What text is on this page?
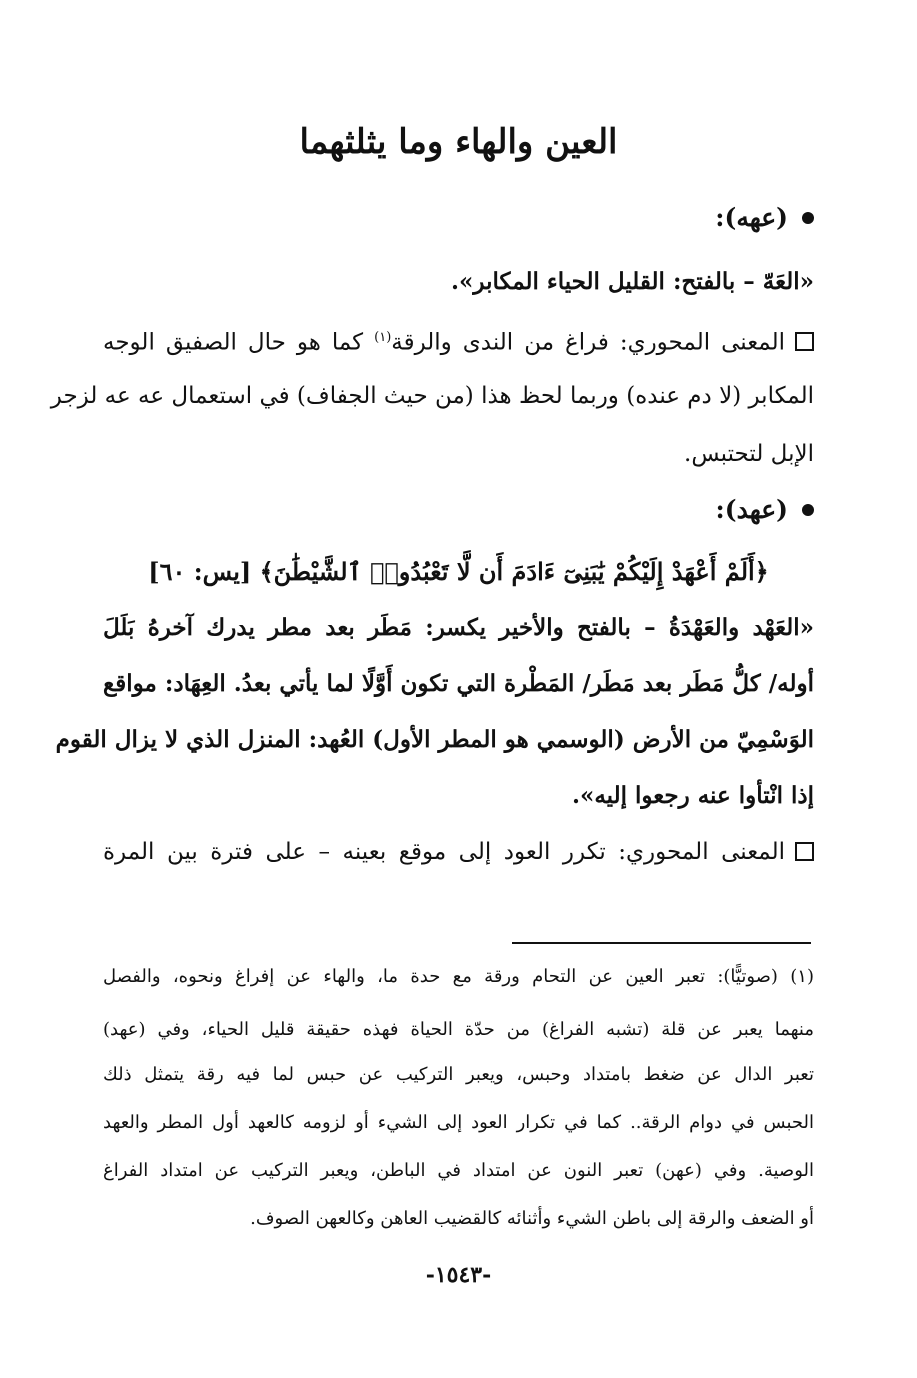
العين والهاء وما يثلثهما
(عهه):
«العَهّ – بالفتح: القليل الحياء المكابر».
المعنى المحوري: فراغ من الندى والرقة$^{(١)}$ كما هو حال الصفيق الوجه
المكابر (لا دم عنده) وربما لحظ هذا (من حيث الجفاف) في استعمال عه عه لزجر
الإبل لتحتبس.
(عهد):
﴿أَلَمْ أَعْهَدْ إِلَيْكُمْ يَٰبَنِىٓ ءَادَمَ أَن لَّا تَعْبُدُوا۟ ٱلشَّيْطَٰنَ﴾ [يس: ٦٠]
«العَهْد والعَهْدَةُ – بالفتح والأخير يكسر: مَطَر بعد مطر يدرك آخرهُ بَلَلَ
أوله/ كلُّ مَطَر بعد مَطَر/ المَطْرة التي تكون أَوَّلًا لما يأتي بعدُ. العِهَاد: مواقع
الوَسْمِيّ من الأرض (الوسمي هو المطر الأول) العُهد: المنزل الذي لا يزال القوم
إذا انْتأوا عنه رجعوا إليه».
المعنى المحوري: تكرر العود إلى موقع بعينه – على فترة بين المرة
(١) (صوتيًّا): تعبر العين عن التحام ورقة مع حدة ما، والهاء عن إفراغ ونحوه، والفصل
منهما يعبر عن قلة (تشبه الفراغ) من حدّة الحياة فهذه حقيقة قليل الحياء، وفي (عهد)
تعبر الدال عن ضغط بامتداد وحبس، ويعبر التركيب عن حبس لما فيه رقة يتمثل ذلك
الحبس في دوام الرقة.. كما في تكرار العود إلى الشيء أو لزومه كالعهد أول المطر والعهد
الوصية. وفي (عهن) تعبر النون عن امتداد في الباطن، ويعبر التركيب عن امتداد الفراغ
أو الضعف والرقة إلى باطن الشيء وأثنائه كالقضيب العاهن وكالعهن الصوف.
-١٥٤٣-
